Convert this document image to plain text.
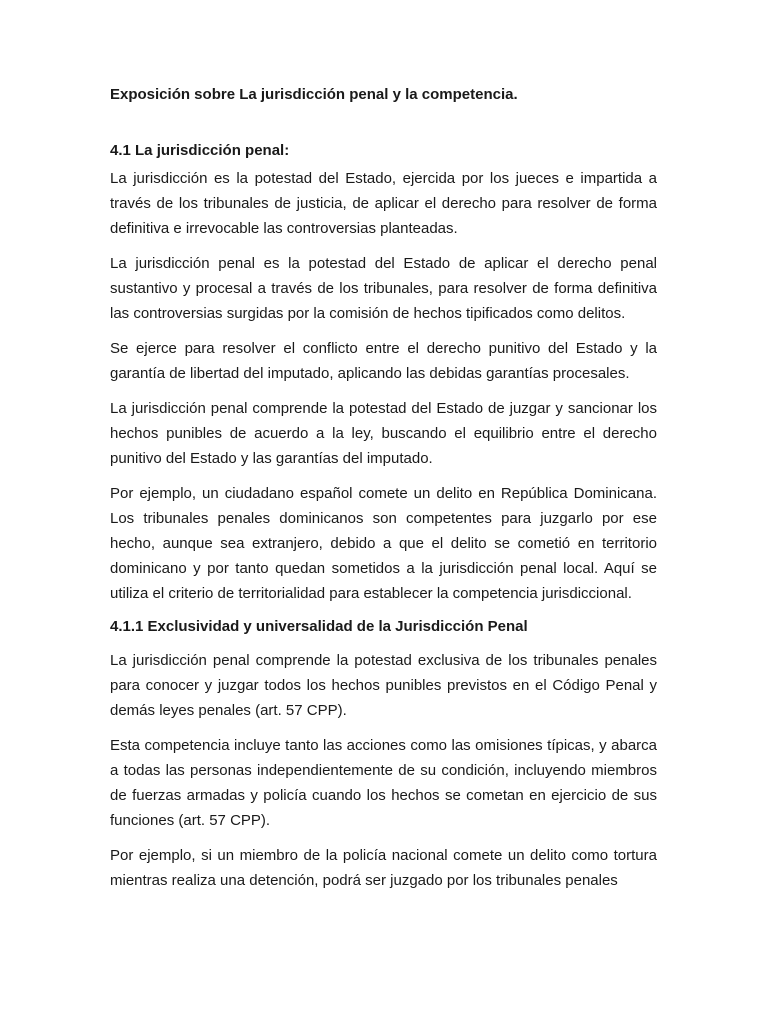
Exposición sobre La jurisdicción penal y la competencia.
4.1 La jurisdicción penal:

La jurisdicción es la potestad del Estado, ejercida por los jueces e impartida a través de los tribunales de justicia, de aplicar el derecho para resolver de forma definitiva e irrevocable las controversias planteadas.

La jurisdicción penal es la potestad del Estado de aplicar el derecho penal sustantivo y procesal a través de los tribunales, para resolver de forma definitiva las controversias surgidas por la comisión de hechos tipificados como delitos.

Se ejerce para resolver el conflicto entre el derecho punitivo del Estado y la garantía de libertad del imputado, aplicando las debidas garantías procesales.

La jurisdicción penal comprende la potestad del Estado de juzgar y sancionar los hechos punibles de acuerdo a la ley, buscando el equilibrio entre el derecho punitivo del Estado y las garantías del imputado.

Por ejemplo, un ciudadano español comete un delito en República Dominicana. Los tribunales penales dominicanos son competentes para juzgarlo por ese hecho, aunque sea extranjero, debido a que el delito se cometió en territorio dominicano y por tanto quedan sometidos a la jurisdicción penal local. Aquí se utiliza el criterio de territorialidad para establecer la competencia jurisdiccional.

4.1.1 Exclusividad y universalidad de la Jurisdicción Penal

La jurisdicción penal comprende la potestad exclusiva de los tribunales penales para conocer y juzgar todos los hechos punibles previstos en el Código Penal y demás leyes penales (art. 57 CPP).

Esta competencia incluye tanto las acciones como las omisiones típicas, y abarca a todas las personas independientemente de su condición, incluyendo miembros de fuerzas armadas y policía cuando los hechos se cometan en ejercicio de sus funciones (art. 57 CPP).

Por ejemplo, si un miembro de la policía nacional comete un delito como tortura mientras realiza una detención, podrá ser juzgado por los tribunales penales
